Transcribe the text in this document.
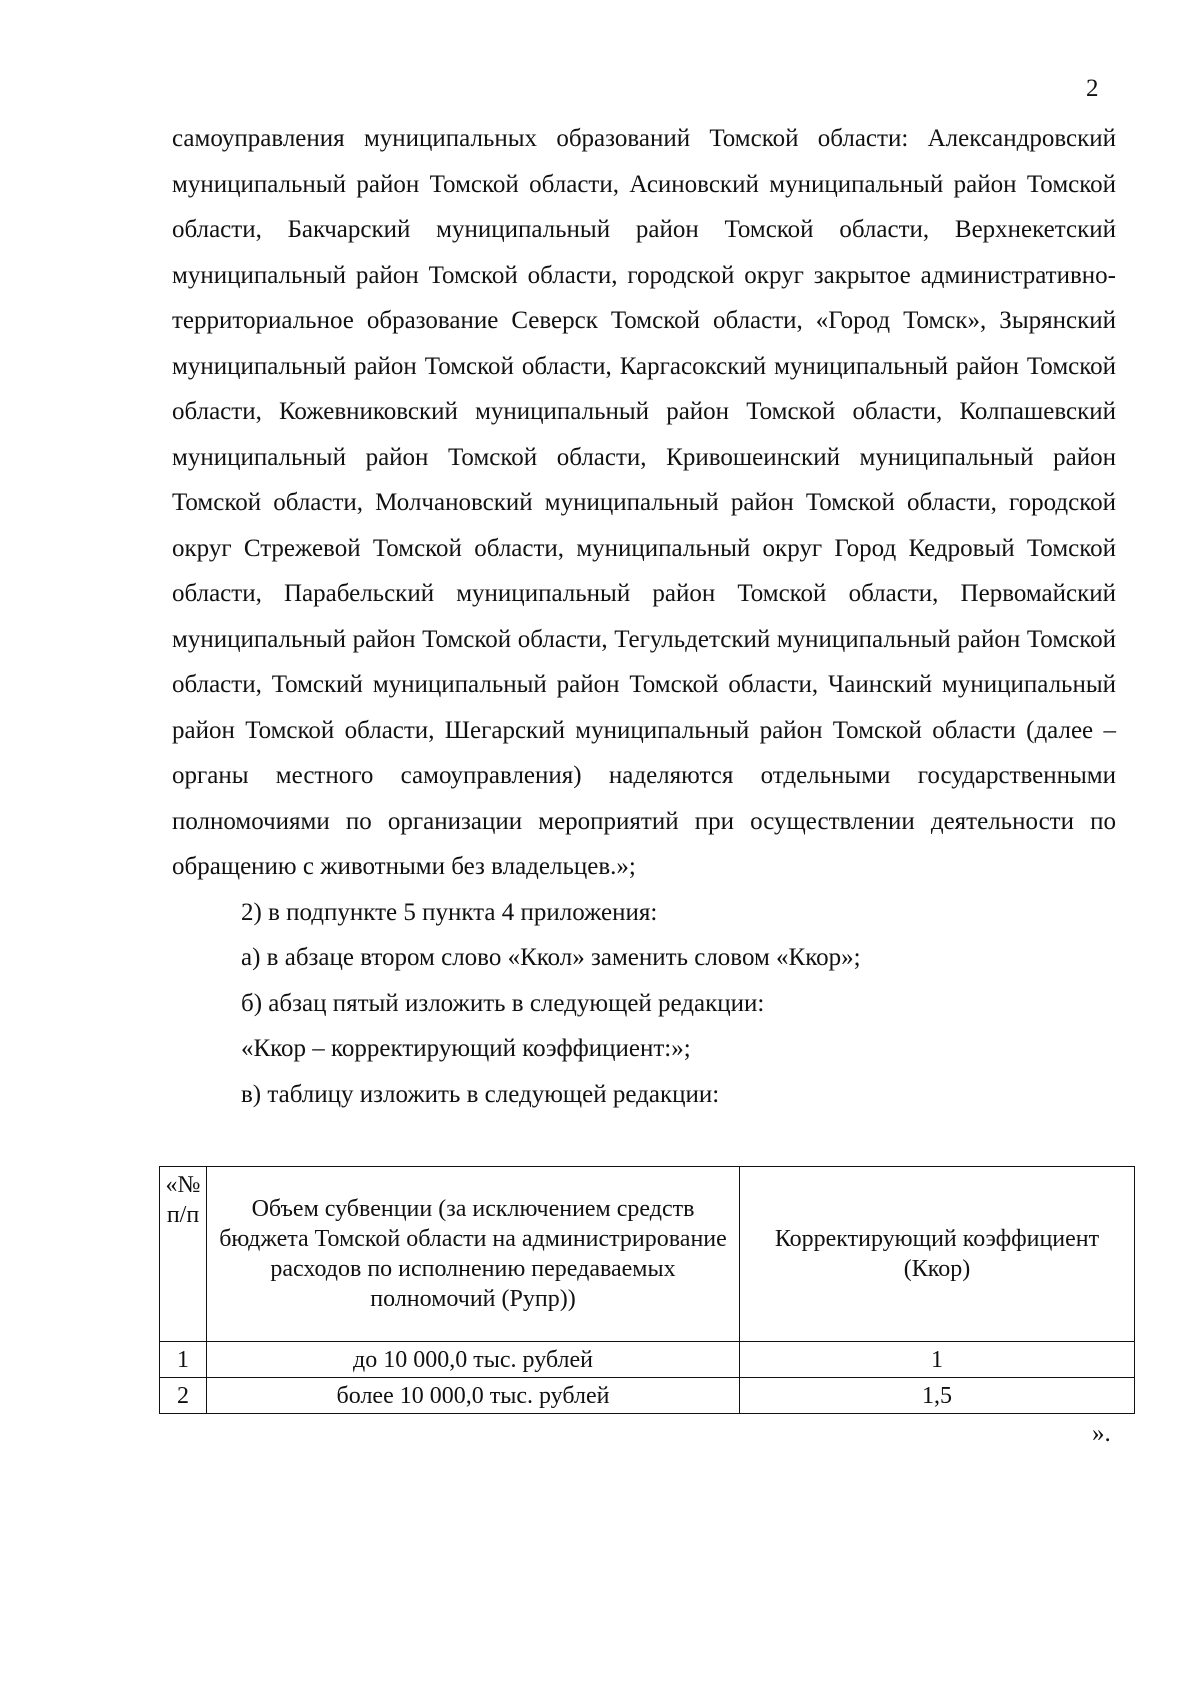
2

самоуправления муниципальных образований Томской области: Александровский муниципальный район Томской области, Асиновский муниципальный район Томской области, Бакчарский муниципальный район Томской области, Верхнекетский муниципальный район Томской области, городской округ закрытое административно-территориальное образование Северск Томской области, «Город Томск», Зырянский муниципальный район Томской области, Каргасокский муниципальный район Томской области, Кожевниковский муниципальный район Томской области, Колпашевский муниципальный район Томской области, Кривошеинский муниципальный район Томской области, Молчановский муниципальный район Томской области, городской округ Стрежевой Томской области, муниципальный округ Город Кедровый Томской области, Парабельский муниципальный район Томской области, Первомайский муниципальный район Томской области, Тегульдетский муниципальный район Томской области, Томский муниципальный район Томской области, Чаинский муниципальный район Томской области, Шегарский муниципальный район Томской области (далее – органы местного самоуправления) наделяются отдельными государственными полномочиями по организации мероприятий при осуществлении деятельности по обращению с животными без владельцев.»;

2) в подпункте 5 пункта 4 приложения:

а) в абзаце втором слово «Ккол» заменить словом «Ккор»;

б) абзац пятый изложить в следующей редакции:

«Ккор – корректирующий коэффициент:»;

в) таблицу изложить в следующей редакции:

«№ п/п	Объем субвенции (за исключением средств бюджета Томской области на администрирование расходов по исполнению передаваемых полномочий (Рупр))	Корректирующий коэффициент (Ккор)
1	до 10 000,0 тыс. рублей	1
2	более 10 000,0 тыс. рублей	1,5
».
